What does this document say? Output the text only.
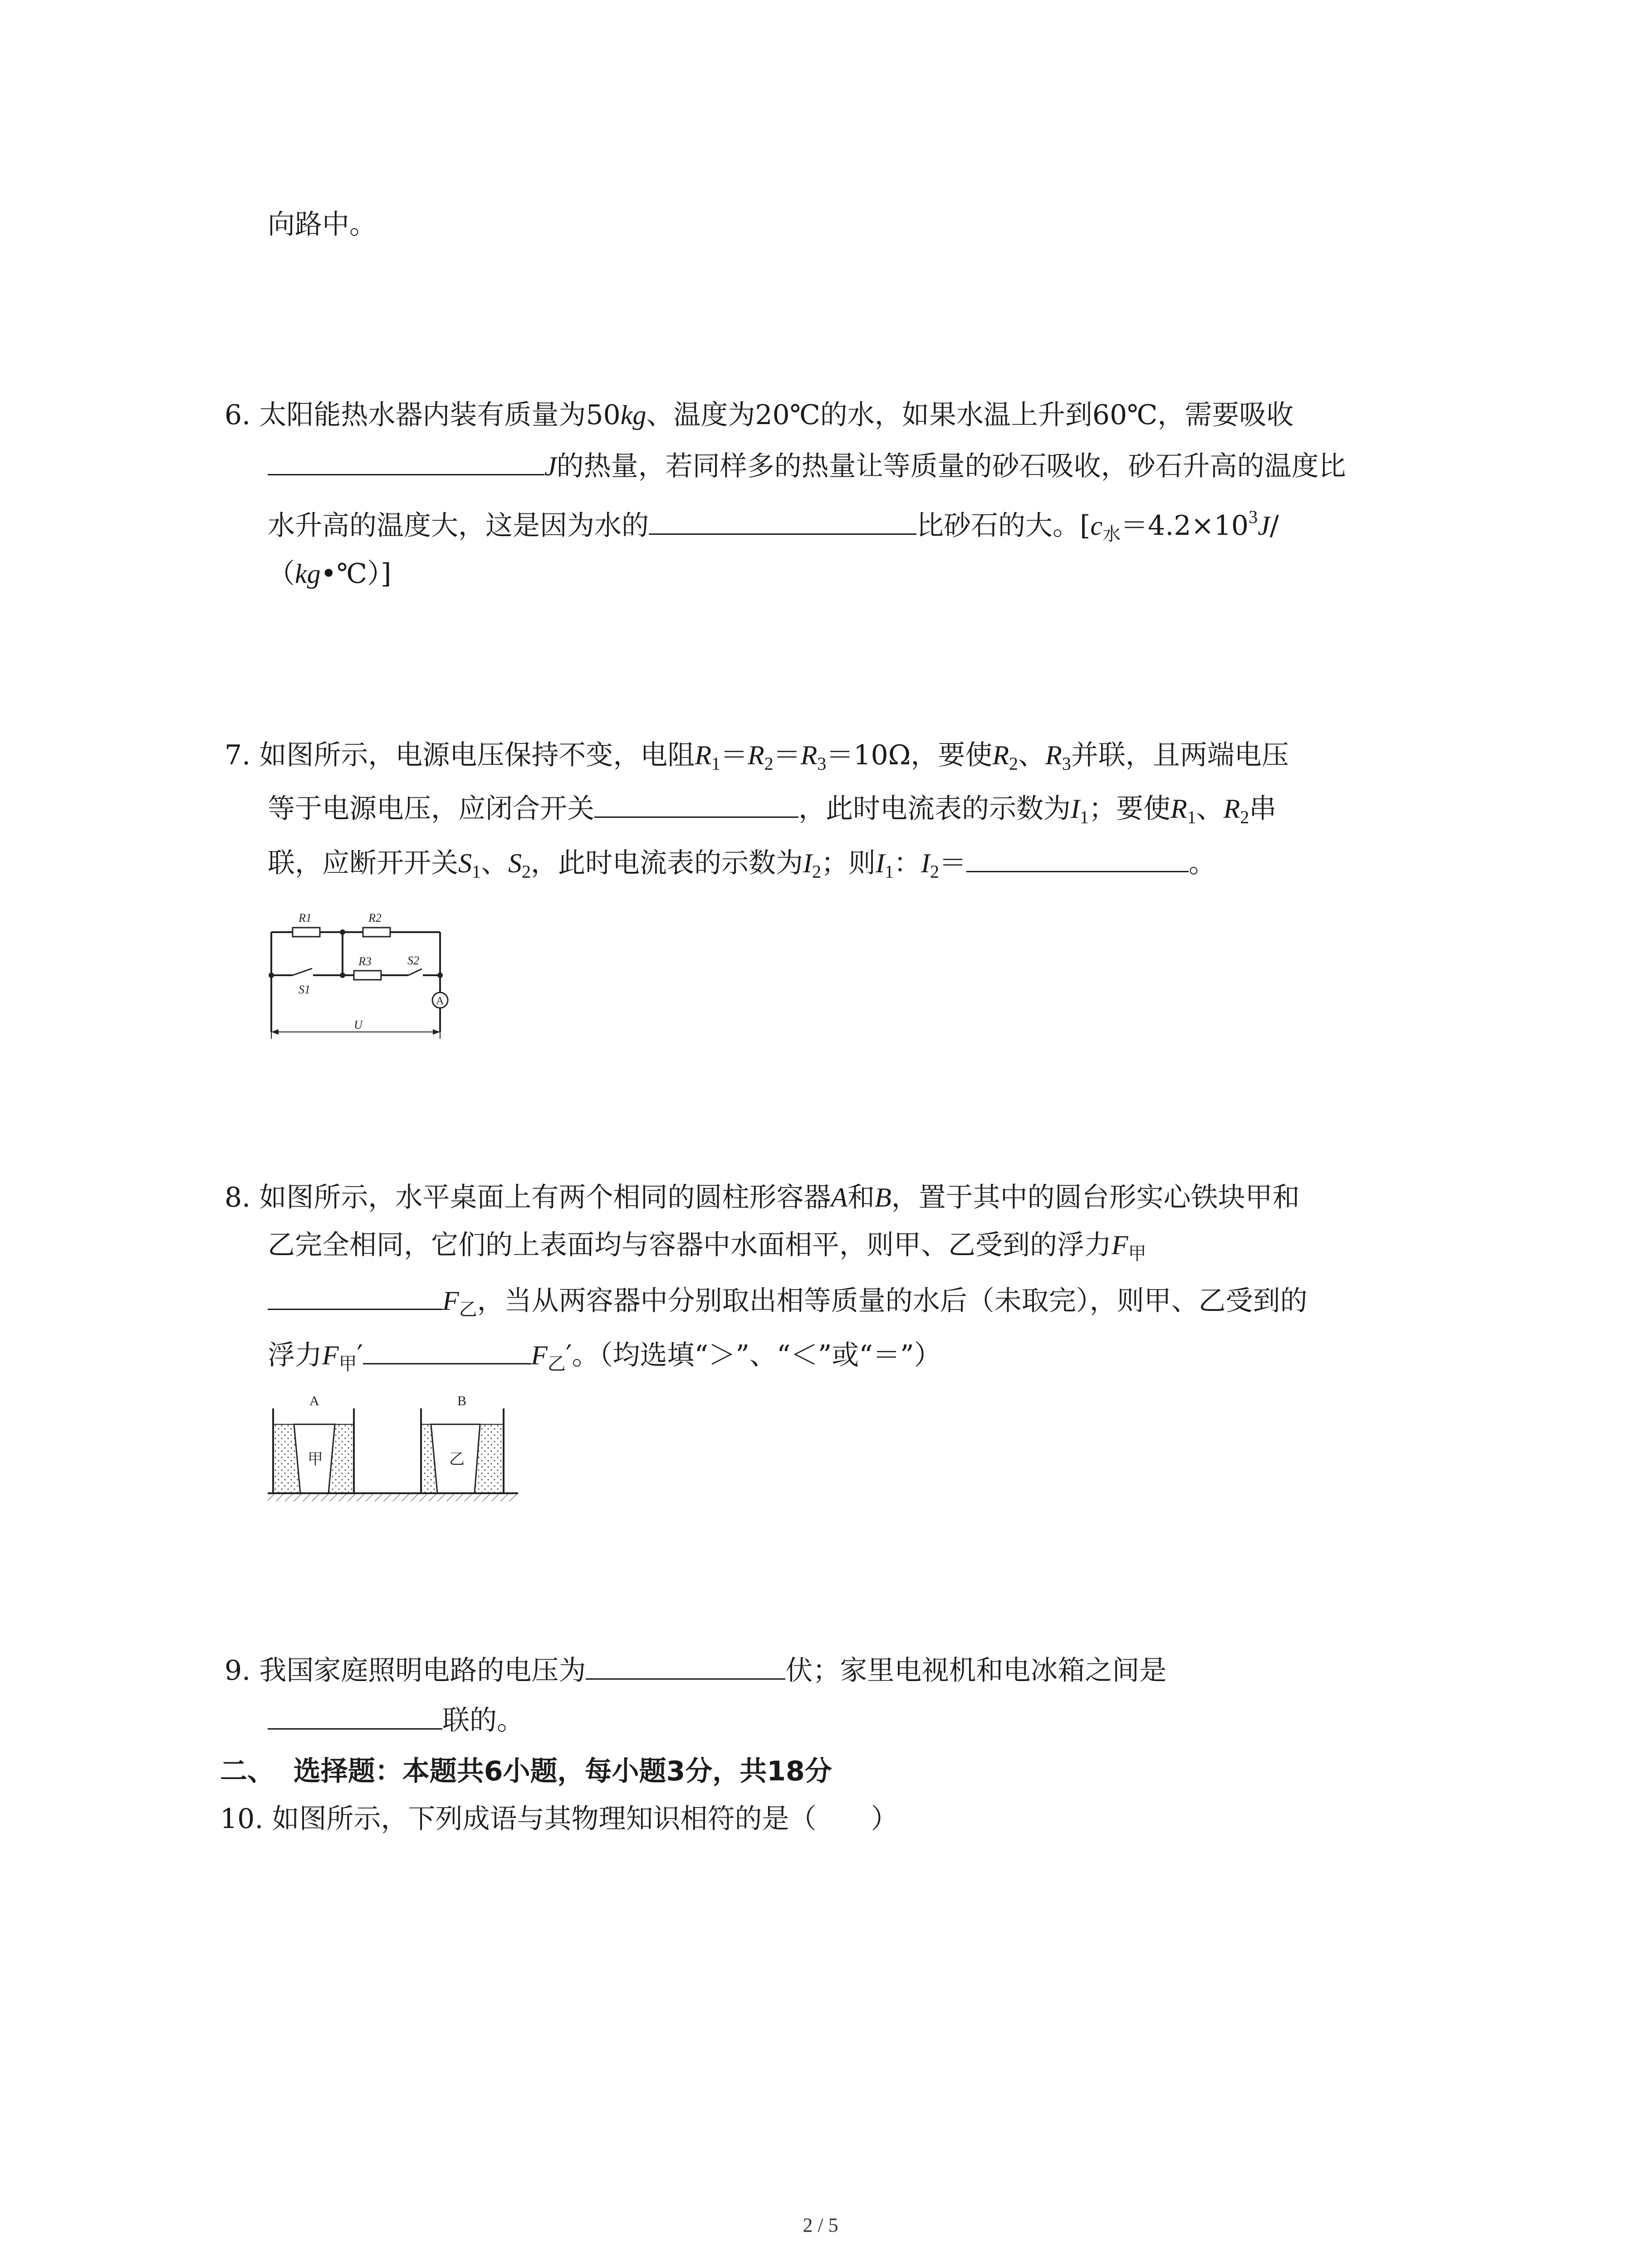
向路中。
6. 太阳能热水器内装有质量为50kg、温度为20℃的水，如果水温上升到60℃，需要吸收
J的热量，若同样多的热量让等质量的砂石吸收，砂石升高的温度比
水升高的温度大，这是因为水的	比砂石的大。[$c_水=4.2\times 10^3J/$
（kg•℃）]
7. 如图所示，电源电压保持不变，电阻$R_1=R_2=R_3=10\Omega$，要使$R_2$、$R_3$并联，且两端电压
等于电源电压，应闭合开关	，此时电流表的示数为$I_1$；要使$R_1$、$R_2$串
联，应断开开关$S_1$、$S_2$，此时电流表的示数为$I_2$；则$I_1$：$I_2=$	。
R1	R2
R3
S1
S2
U
A
8. 如图所示，水平桌面上有两个相同的圆柱形容器A和B，置于其中的圆台形实心铁块甲和
乙完全相同，它们的上表面均与容器中水面相平，则甲、乙受到的浮力$F_甲$
$F_乙$，当从两容器中分别取出相等质量的水后（未取完），则甲、乙受到的
浮力$F_甲'$	$F_乙'$。（均选填“＞”、“＜”或“＝”）
A	B
甲	乙
9. 我国家庭照明电路的电压为	伏；家里电视机和电冰箱之间是
联的。
二、 选择题：本题共6小题，每小题3分，共18分
10. 如图所示，下列成语与其物理知识相符的是（　　）
2 / 5
